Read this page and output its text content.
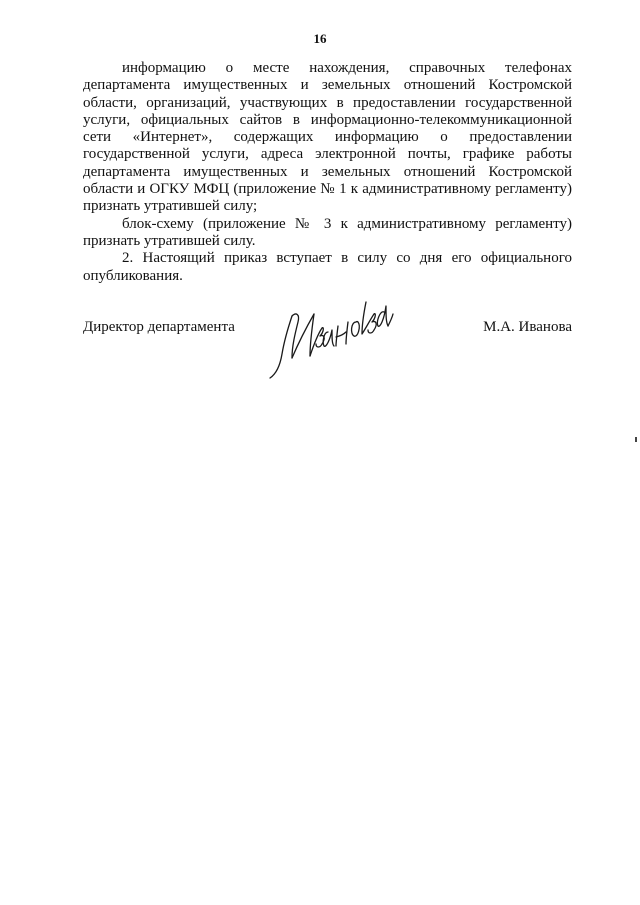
16

информацию о месте нахождения, справочных телефонах департамента имущественных и земельных отношений Костромской области, организаций, участвующих в предоставлении государственной услуги, официальных сайтов в информационно-телекоммуникационной сети «Интернет», содержащих информацию о предоставлении государственной услуги, адреса электронной почты, графике работы департамента имущественных и земельных отношений Костромской области и ОГКУ МФЦ (приложение № 1 к административному регламенту) признать утратившей силу;

блок-схему (приложение № 3 к административному регламенту) признать утратившей силу.

2. Настоящий приказ вступает в силу со дня его официального опубликования.

Директор департамента	М.А. Иванова
